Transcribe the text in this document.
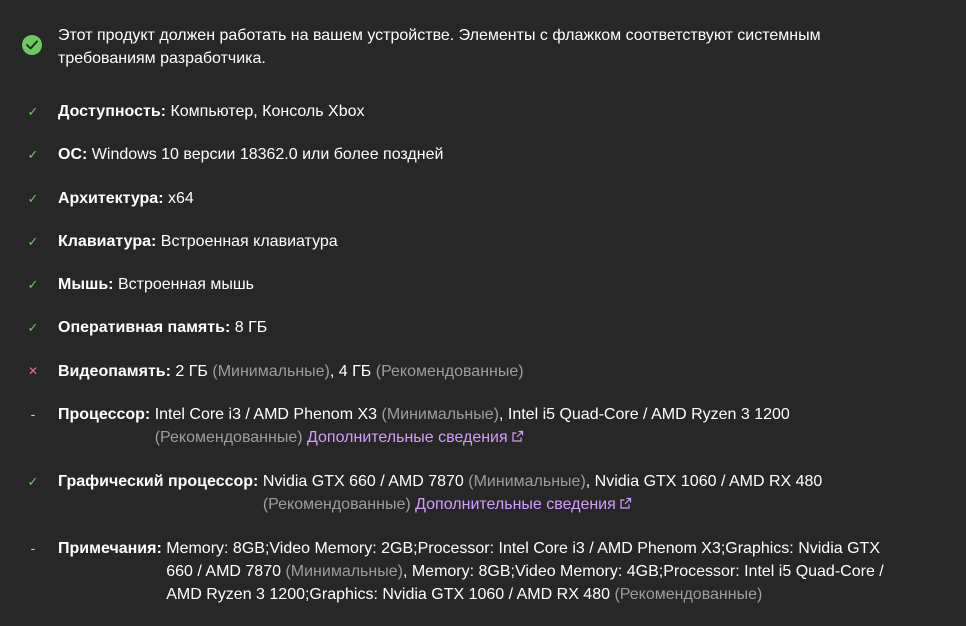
Этот продукт должен работать на вашем устройстве. Элементы с флажком соответствуют системным требованиям разработчика.
✓ Доступность :
Компьютер, Консоль Xbox
✓ ОС :
Windows 10 версии 18362.0 или более поздней
✓ Архитектура :
x64
✓ Клавиатура :
Встроенная клавиатура
✓ Мышь :
Встроенная мышь
✓ Оперативная память :
8 ГБ
✕ Видеопамять :
2 ГБ (Минимальные), 4 ГБ (Рекомендованные)
- Процессор :
Intel Core i3 / AMD Phenom X3 (Минимальные), Intel i5 Quad-Core / AMD Ryzen 3 1200 (Рекомендованные) Дополнительные сведения
✓ Графический процессор :
Nvidia GTX 660 / AMD 7870 (Минимальные), Nvidia GTX 1060 / AMD RX 480 (Рекомендованные) Дополнительные сведения
- Примечания :
Memory: 8GB;Video Memory: 2GB;Processor: Intel Core i3 / AMD Phenom X3;Graphics: Nvidia GTX 660 / AMD 7870 (Минимальные), Memory: 8GB;Video Memory: 4GB;Processor: Intel i5 Quad-Core / AMD Ryzen 3 1200;Graphics: Nvidia GTX 1060 / AMD RX 480 (Рекомендованные)
